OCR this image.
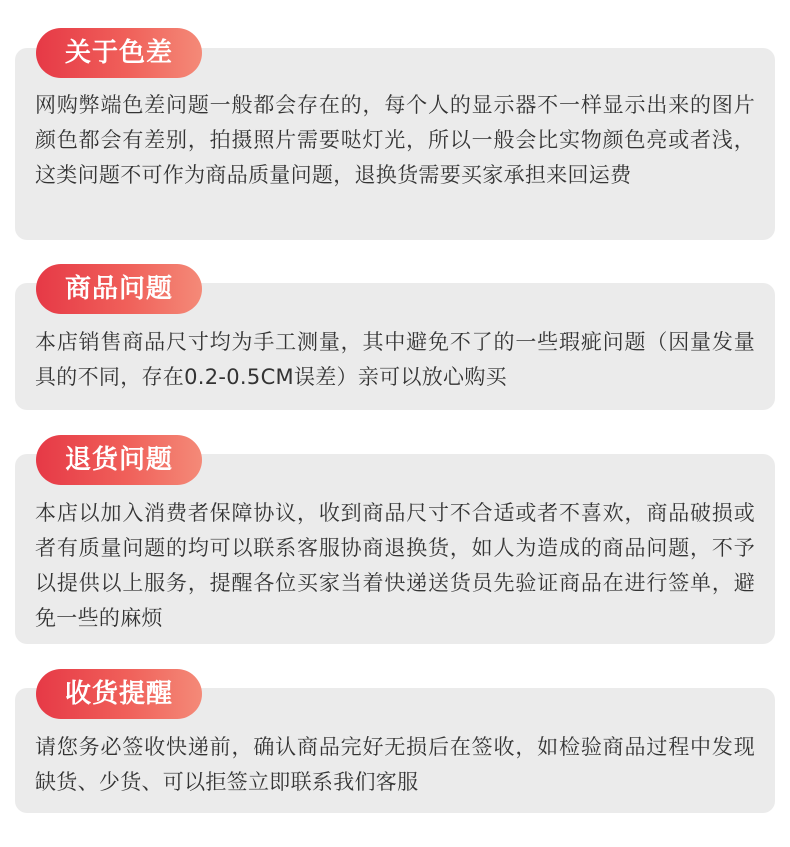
网购弊端色差问题一般都会存在的，每个人的显示器不一样显示出来的图片颜色都会有差别，拍摄照片需要哒灯光，所以一般会比实物颜色亮或者浅，这类问题不可作为商品质量问题，退换货需要买家承担来回运费
关于色差
本店销售商品尺寸均为手工测量，其中避免不了的一些瑕疵问题（因量发量具的不同，存在0.2-0.5CM误差）亲可以放心购买
商品问题
本店以加入消费者保障协议，收到商品尺寸不合适或者不喜欢，商品破损或者有质量问题的均可以联系客服协商退换货，如人为造成的商品问题，不予以提供以上服务，提醒各位买家当着快递送货员先验证商品在进行签单，避免一些的麻烦
退货问题
请您务必签收快递前，确认商品完好无损后在签收，如检验商品过程中发现缺货、少货、可以拒签立即联系我们客服
收货提醒
